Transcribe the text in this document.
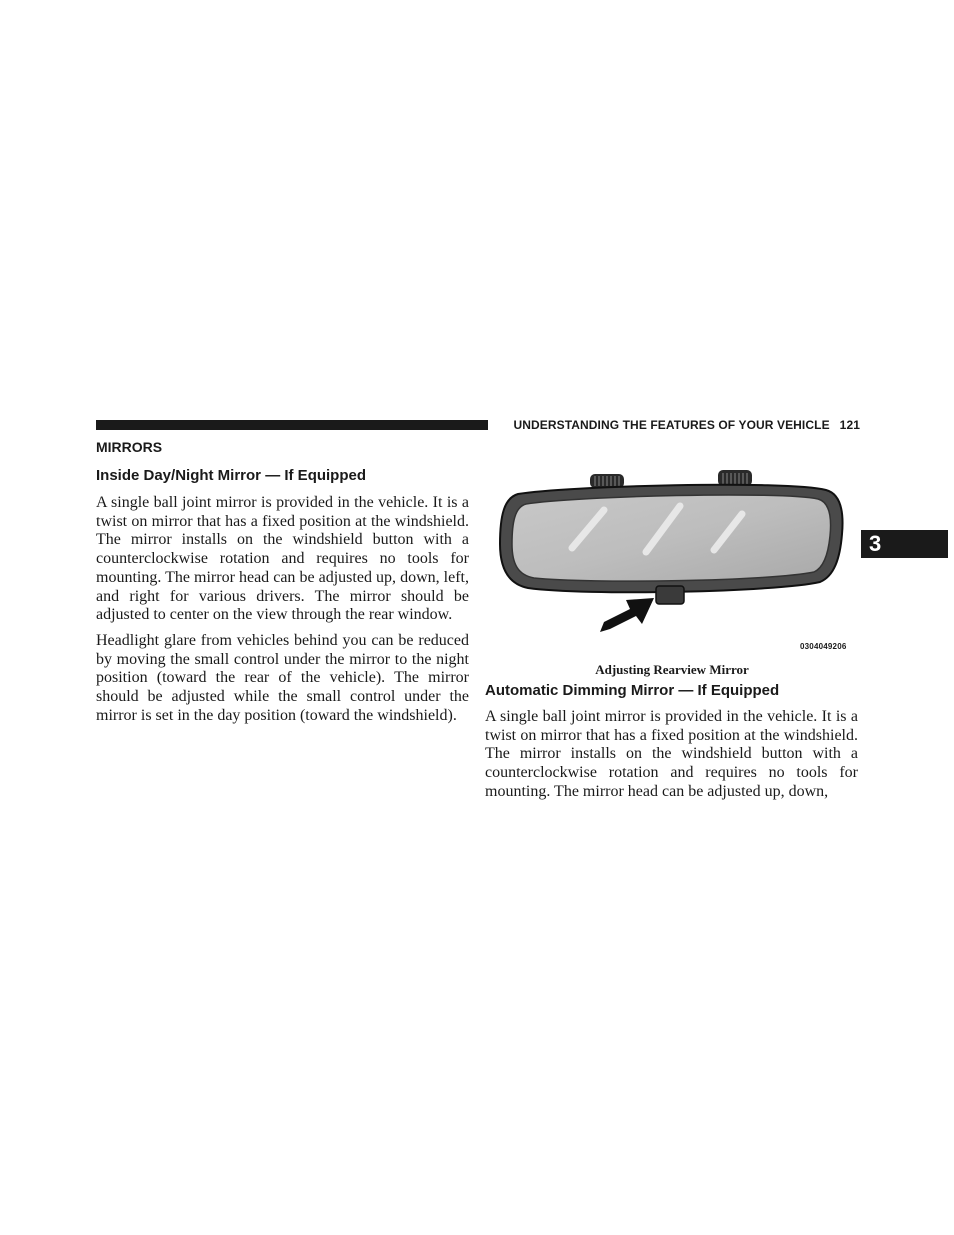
UNDERSTANDING THE FEATURES OF YOUR VEHICLE 121
MIRRORS
Inside Day/Night Mirror — If Equipped

A single ball joint mirror is provided in the vehicle. It is a twist on mirror that has a fixed position at the windshield. The mirror installs on the windshield button with a counterclockwise rotation and requires no tools for mounting. The mirror head can be adjusted up, down, left, and right for various drivers. The mirror should be adjusted to center on the view through the rear window.

Headlight glare from vehicles behind you can be reduced by moving the small control under the mirror to the night position (toward the rear of the vehicle). The mirror should be adjusted while the small control under the mirror is set in the day position (toward the windshield).

0304049206
Adjusting Rearview Mirror
Automatic Dimming Mirror — If Equipped

A single ball joint mirror is provided in the vehicle. It is a twist on mirror that has a fixed position at the windshield. The mirror installs on the windshield button with a counterclockwise rotation and requires no tools for mounting. The mirror head can be adjusted up, down,

3
